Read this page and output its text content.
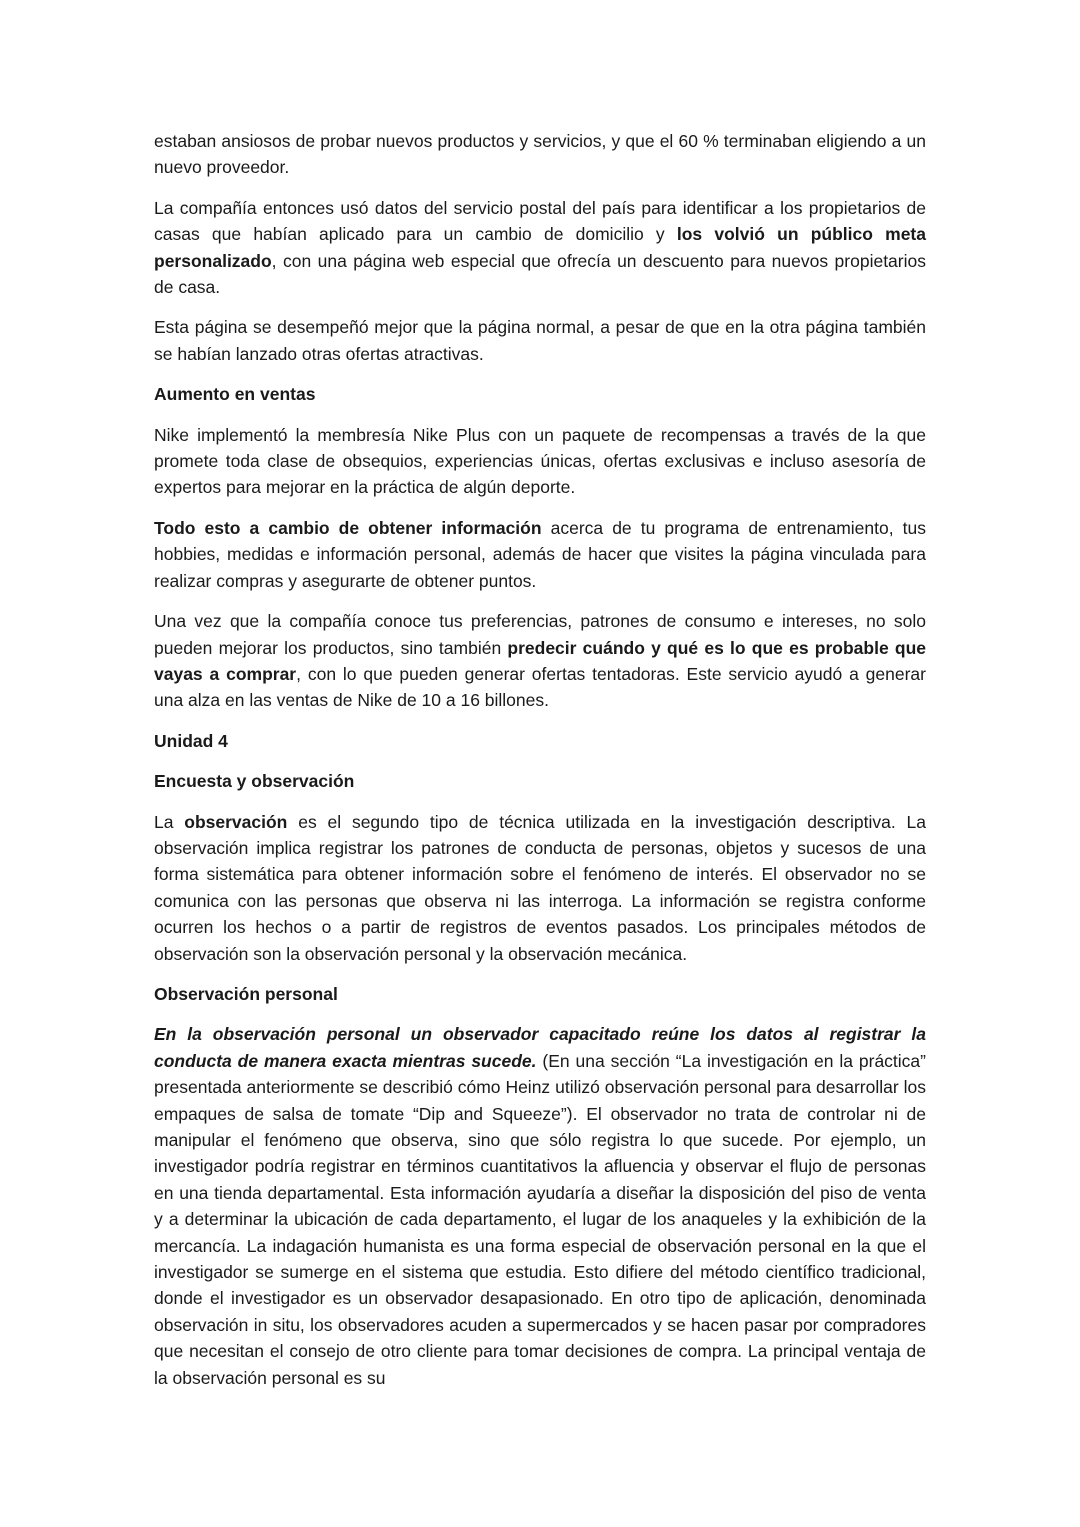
estaban ansiosos de probar nuevos productos y servicios, y que el 60 % terminaban eligiendo a un nuevo proveedor.

La compañía entonces usó datos del servicio postal del país para identificar a los propietarios de casas que habían aplicado para un cambio de domicilio y los volvió un público meta personalizado, con una página web especial que ofrecía un descuento para nuevos propietarios de casa.

Esta página se desempeñó mejor que la página normal, a pesar de que en la otra página también se habían lanzado otras ofertas atractivas.

Aumento en ventas

Nike implementó la membresía Nike Plus con un paquete de recompensas a través de la que promete toda clase de obsequios, experiencias únicas, ofertas exclusivas e incluso asesoría de expertos para mejorar en la práctica de algún deporte.

Todo esto a cambio de obtener información acerca de tu programa de entrenamiento, tus hobbies, medidas e información personal, además de hacer que visites la página vinculada para realizar compras y asegurarte de obtener puntos.

Una vez que la compañía conoce tus preferencias, patrones de consumo e intereses, no solo pueden mejorar los productos, sino también predecir cuándo y qué es lo que es probable que vayas a comprar, con lo que pueden generar ofertas tentadoras. Este servicio ayudó a generar una alza en las ventas de Nike de 10 a 16 billones.

Unidad 4

Encuesta y observación

La observación es el segundo tipo de técnica utilizada en la investigación descriptiva. La observación implica registrar los patrones de conducta de personas, objetos y sucesos de una forma sistemática para obtener información sobre el fenómeno de interés. El observador no se comunica con las personas que observa ni las interroga. La información se registra conforme ocurren los hechos o a partir de registros de eventos pasados. Los principales métodos de observación son la observación personal y la observación mecánica.

Observación personal

En la observación personal un observador capacitado reúne los datos al registrar la conducta de manera exacta mientras sucede. (En una sección “La investigación en la práctica” presentada anteriormente se describió cómo Heinz utilizó observación personal para desarrollar los empaques de salsa de tomate “Dip and Squeeze”). El observador no trata de controlar ni de manipular el fenómeno que observa, sino que sólo registra lo que sucede. Por ejemplo, un investigador podría registrar en términos cuantitativos la afluencia y observar el flujo de personas en una tienda departamental. Esta información ayudaría a diseñar la disposición del piso de venta y a determinar la ubicación de cada departamento, el lugar de los anaqueles y la exhibición de la mercancía. La indagación humanista es una forma especial de observación personal en la que el investigador se sumerge en el sistema que estudia. Esto difiere del método científico tradicional, donde el investigador es un observador desapasionado. En otro tipo de aplicación, denominada observación in situ, los observadores acuden a supermercados y se hacen pasar por compradores que necesitan el consejo de otro cliente para tomar decisiones de compra. La principal ventaja de la observación personal es su
